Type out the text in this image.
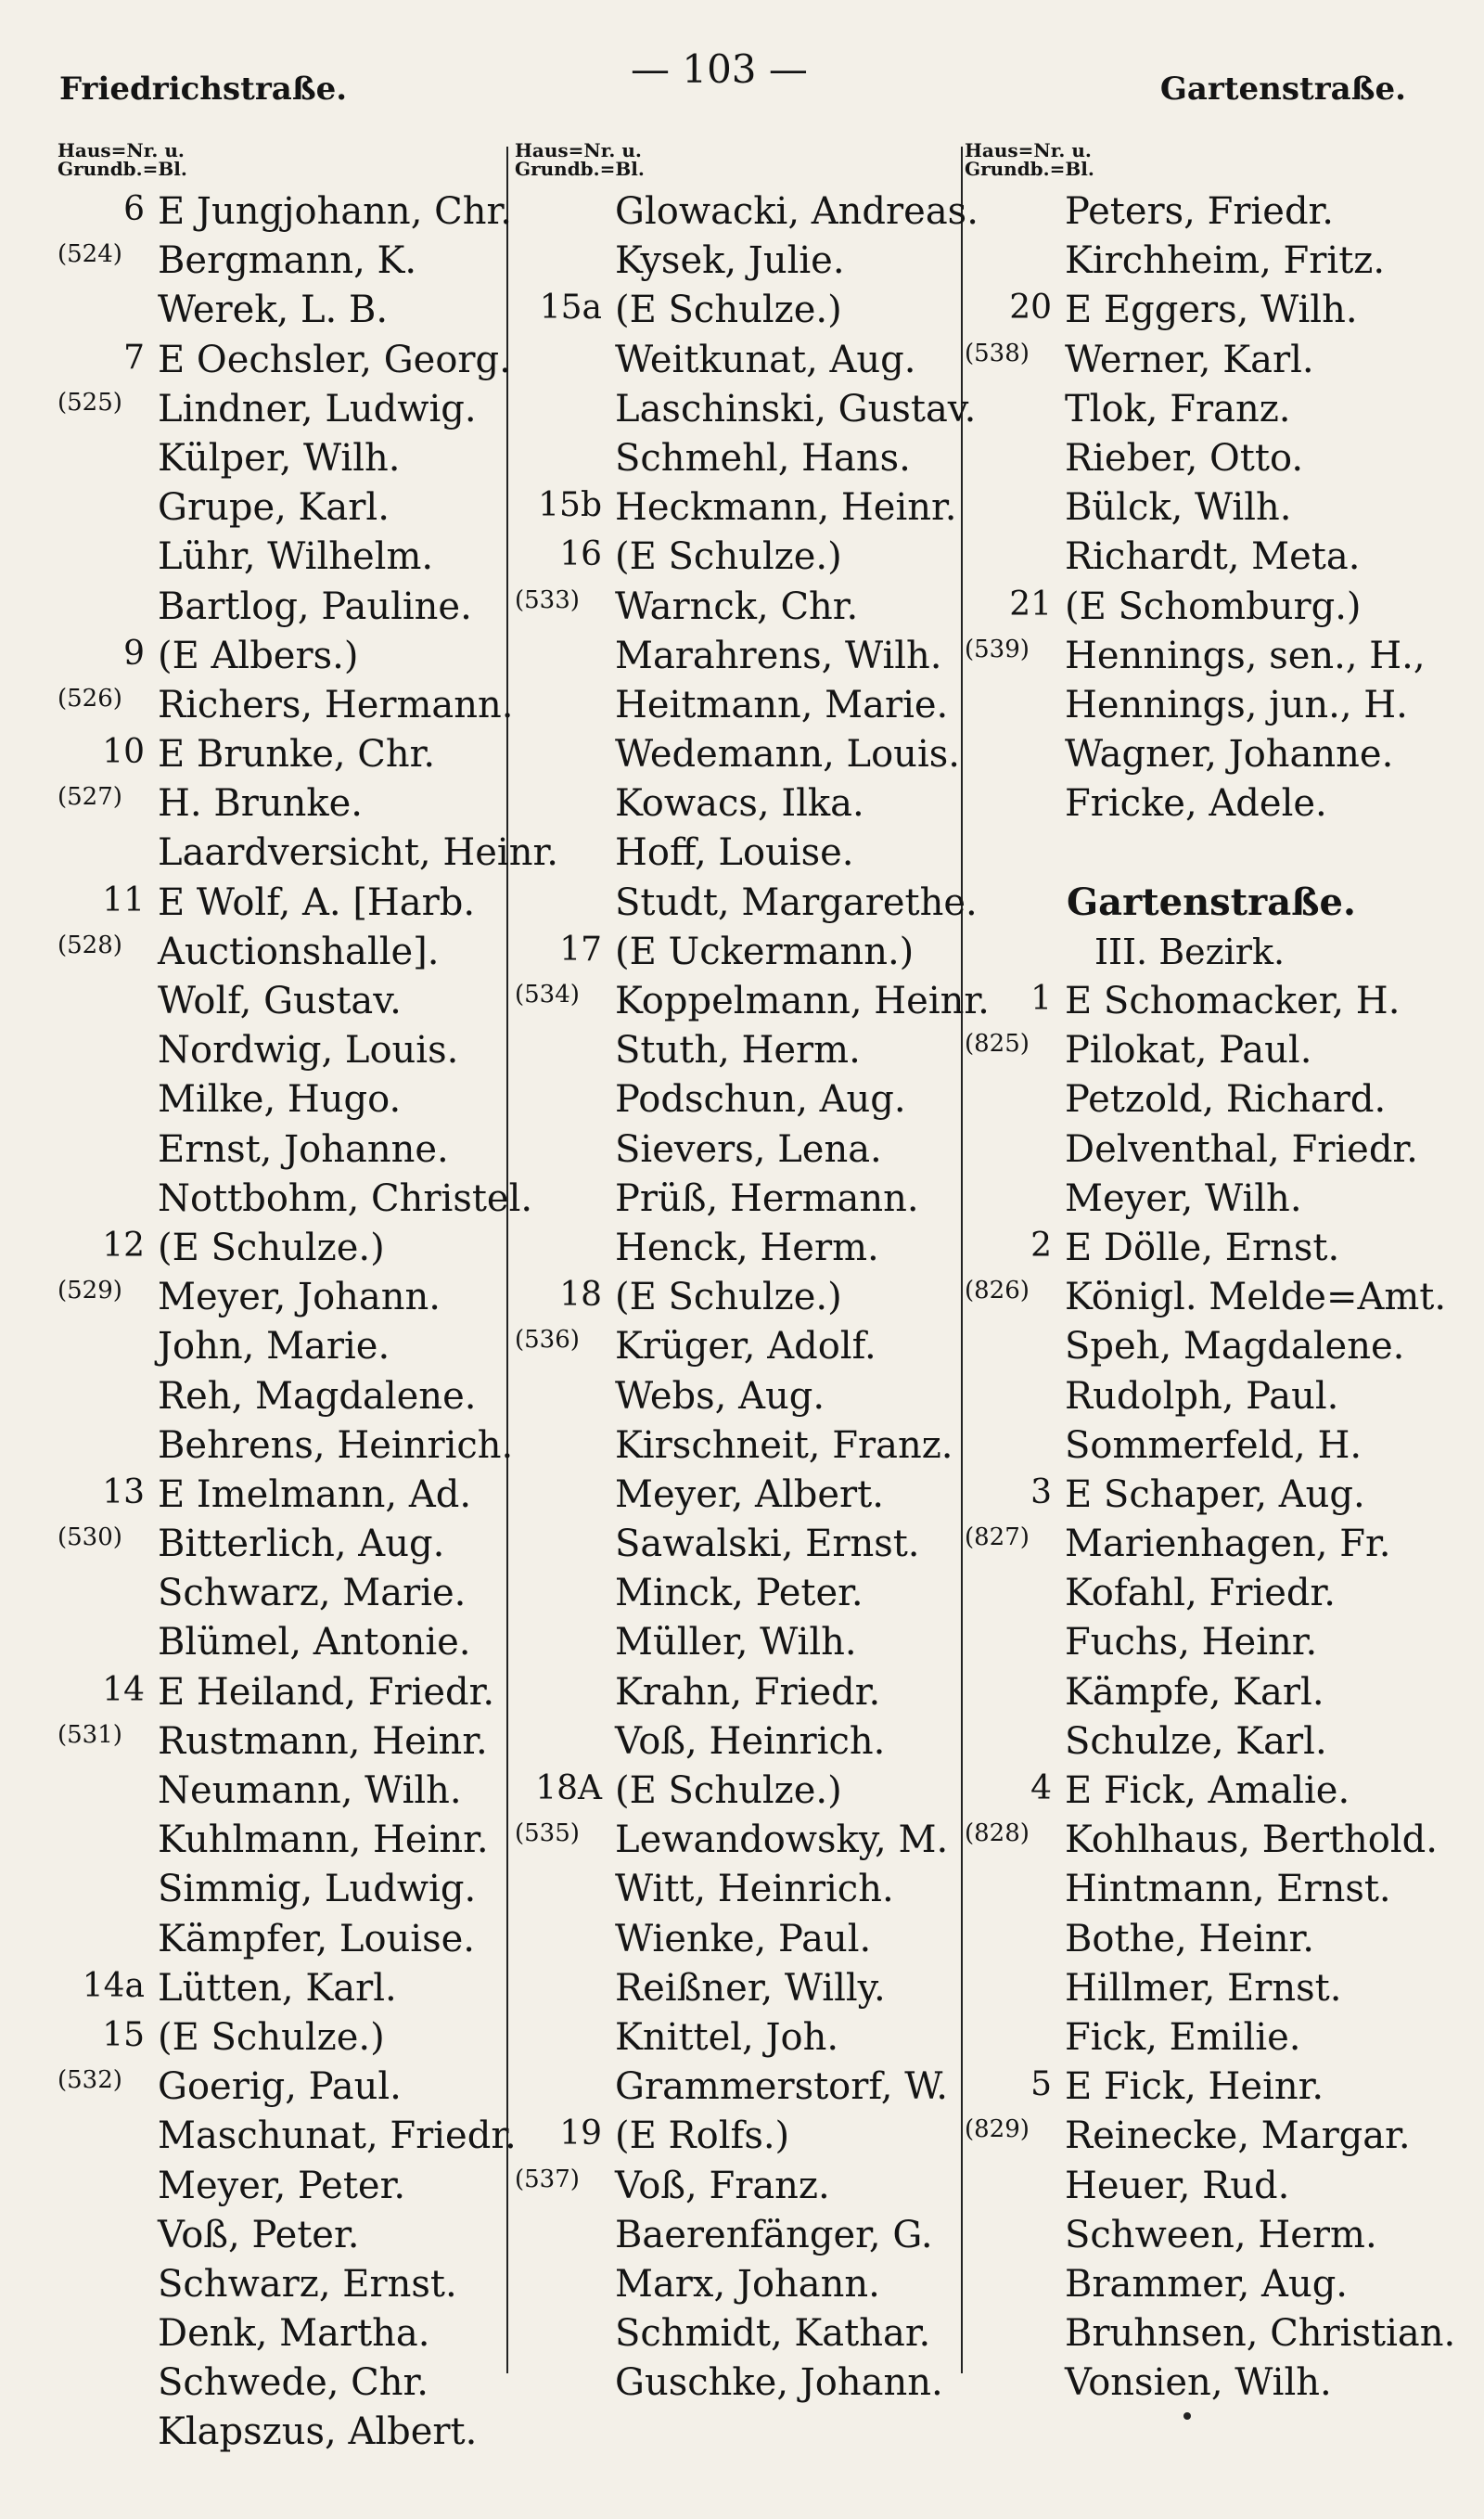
Friedrichstraße.	— 103 —	Gartenstraße.
Haus=Nr. u.
Grundb.=Bl.
6 E Jungjohann, Chr.
(524) Bergmann, K.
Werek, L. B.
7 E Oechsler, Georg.
(525) Lindner, Ludwig.
Külper, Wilh.
Grupe, Karl.
Lühr, Wilhelm.
Bartlog, Pauline.
9 (E Albers.)
(526) Richers, Hermann.
10 E Brunke, Chr.
(527) H. Brunke.
Laardversicht, Heinr.
11 E Wolf, A. [Harb.
(528) Auctionshalle].
Wolf, Gustav.
Nordwig, Louis.
Milke, Hugo.
Ernst, Johanne.
Nottbohm, Christel.
12 (E Schulze.)
(529) Meyer, Johann.
John, Marie.
Reh, Magdalene.
Behrens, Heinrich.
13 E Imelmann, Ad.
(530) Bitterlich, Aug.
Schwarz, Marie.
Blümel, Antonie.
14 E Heiland, Friedr.
(531) Rustmann, Heinr.
Neumann, Wilh.
Kuhlmann, Heinr.
Simmig, Ludwig.
Kämpfer, Louise.
14a Lütten, Karl.
15 (E Schulze.)
(532) Goerig, Paul.
Maschunat, Friedr.
Meyer, Peter.
Voß, Peter.
Schwarz, Ernst.
Denk, Martha.
Schwede, Chr.
Klapszus, Albert.
Haus=Nr. u.
Grundb.=Bl.
Glowacki, Andreas.
Kysek, Julie.
15a (E Schulze.)
Weitkunat, Aug.
Laschinski, Gustav.
Schmehl, Hans.
15b Heckmann, Heinr.
16 (E Schulze.)
(533) Warnck, Chr.
Marahrens, Wilh.
Heitmann, Marie.
Wedemann, Louis.
Kowacs, Ilka.
Hoff, Louise.
Studt, Margarethe.
17 (E Uckermann.)
(534) Koppelmann, Heinr.
Stuth, Herm.
Podschun, Aug.
Sievers, Lena.
Prüß, Hermann.
Henck, Herm.
18 (E Schulze.)
(536) Krüger, Adolf.
Webs, Aug.
Kirschneit, Franz.
Meyer, Albert.
Sawalski, Ernst.
Minck, Peter.
Müller, Wilh.
Krahn, Friedr.
Voß, Heinrich.
18A (E Schulze.)
(535) Lewandowsky, M.
Witt, Heinrich.
Wienke, Paul.
Reißner, Willy.
Knittel, Joh.
Grammerstorf, W.
19 (E Rolfs.)
(537) Voß, Franz.
Baerenfänger, G.
Marx, Johann.
Schmidt, Kathar.
Guschke, Johann.
Haus=Nr. u.
Grundb.=Bl.
Peters, Friedr.
Kirchheim, Fritz.
20 E Eggers, Wilh.
(538) Werner, Karl.
Tlok, Franz.
Rieber, Otto.
Bülck, Wilh.
Richardt, Meta.
21 (E Schomburg.)
(539) Hennings, sen., H.,
Hennings, jun., H.
Wagner, Johanne.
Fricke, Adele.
Gartenstraße.
III. Bezirk.
1 E Schomacker, H.
(825) Pilokat, Paul.
Petzold, Richard.
Delventhal, Friedr.
Meyer, Wilh.
2 E Dölle, Ernst.
(826) Königl. Melde=Amt.
Speh, Magdalene.
Rudolph, Paul.
Sommerfeld, H.
3 E Schaper, Aug.
(827) Marienhagen, Fr.
Kofahl, Friedr.
Fuchs, Heinr.
Kämpfe, Karl.
Schulze, Karl.
4 E Fick, Amalie.
(828) Kohlhaus, Berthold.
Hintmann, Ernst.
Bothe, Heinr.
Hillmer, Ernst.
Fick, Emilie.
5 E Fick, Heinr.
(829) Reinecke, Margar.
Heuer, Rud.
Schween, Herm.
Brammer, Aug.
Bruhnsen, Christian.
Vonsien, Wilh.
